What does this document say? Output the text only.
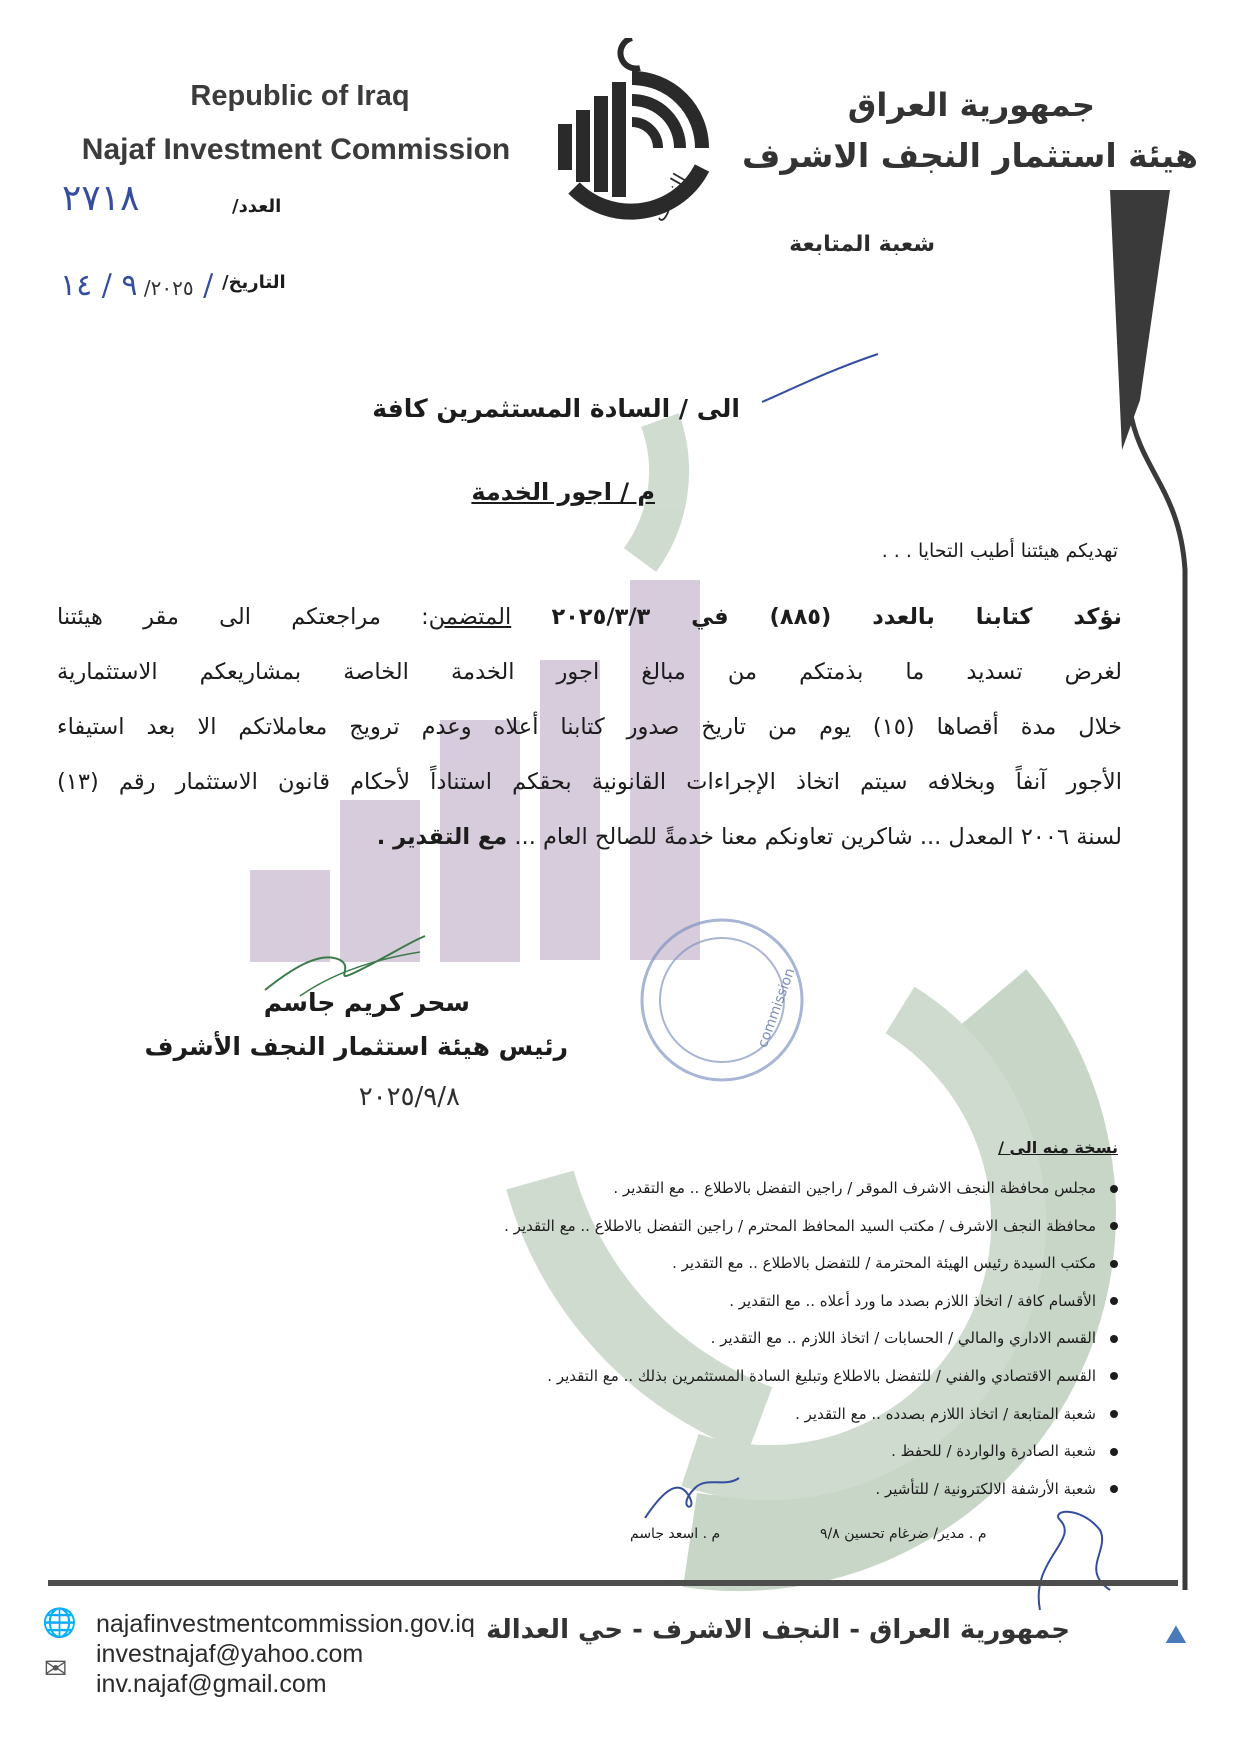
commission
Republic of Iraq
Najaf Investment Commission
النجف
جمهورية العراق
هيئة استثمار النجف الاشرف
شعبة المتابعة
العدد/
٢٧١٨
التاريخ/
٢٠٢٥/ ٩ / ١٤ /
الى / السادة المستثمرين كافة
م / اجور الخدمة
تهديكم هيئتنا أطيب التحايا . . .

نؤكد كتابنا بالعدد (٨٨٥) في ٢٠٢٥/٣/٣ المتضمن: مراجعتكم الى مقر هيئتنا

لغرض تسديد ما بذمتكم من مبالغ اجور الخدمة الخاصة بمشاريعكم الاستثمارية

خلال مدة أقصاها (١٥) يوم من تاريخ صدور كتابنا أعلاه وعدم ترويج معاملاتكم الا بعد استيفاء

الأجور آنفاً وبخلافه سيتم اتخاذ الإجراءات القانونية بحقكم استناداً لأحكام قانون الاستثمار رقم (١٣)

لسنة ٢٠٠٦ المعدل ... شاكرين تعاونكم معنا خدمةً للصالح العام ... مع التقدير .

سحر كريم جاسم
رئيس هيئة استثمار النجف الأشرف
٢٠٢٥/٩/٨
نسخة منه الى /
مجلس محافظة النجف الاشرف الموقر / راجين التفضل بالاطلاع .. مع التقدير .
محافظة النجف الاشرف / مكتب السيد المحافظ المحترم / راجين التفضل بالاطلاع .. مع التقدير .
مكتب السيدة رئيس الهيئة المحترمة / للتفضل بالاطلاع .. مع التقدير .
الأقسام كافة / اتخاذ اللازم بصدد ما ورد أعلاه .. مع التقدير .
القسم الاداري والمالي / الحسابات / اتخاذ اللازم .. مع التقدير .
القسم الاقتصادي والفني / للتفضل بالاطلاع وتبليغ السادة المستثمرين بذلك .. مع التقدير .
شعبة المتابعة / اتخاذ اللازم بصدده .. مع التقدير .
شعبة الصادرة والواردة / للحفظ .
شعبة الأرشفة الالكترونية / للتأشير .
م . اسعد جاسم	م . مدير/ ضرغام تحسين ٩/٨
⛰
جمهورية العراق - النجف الاشرف - حي العدالة
najafinvestmentcommission.gov.iq
investnajaf@yahoo.com
inv.najaf@gmail.com
🌐
✉
